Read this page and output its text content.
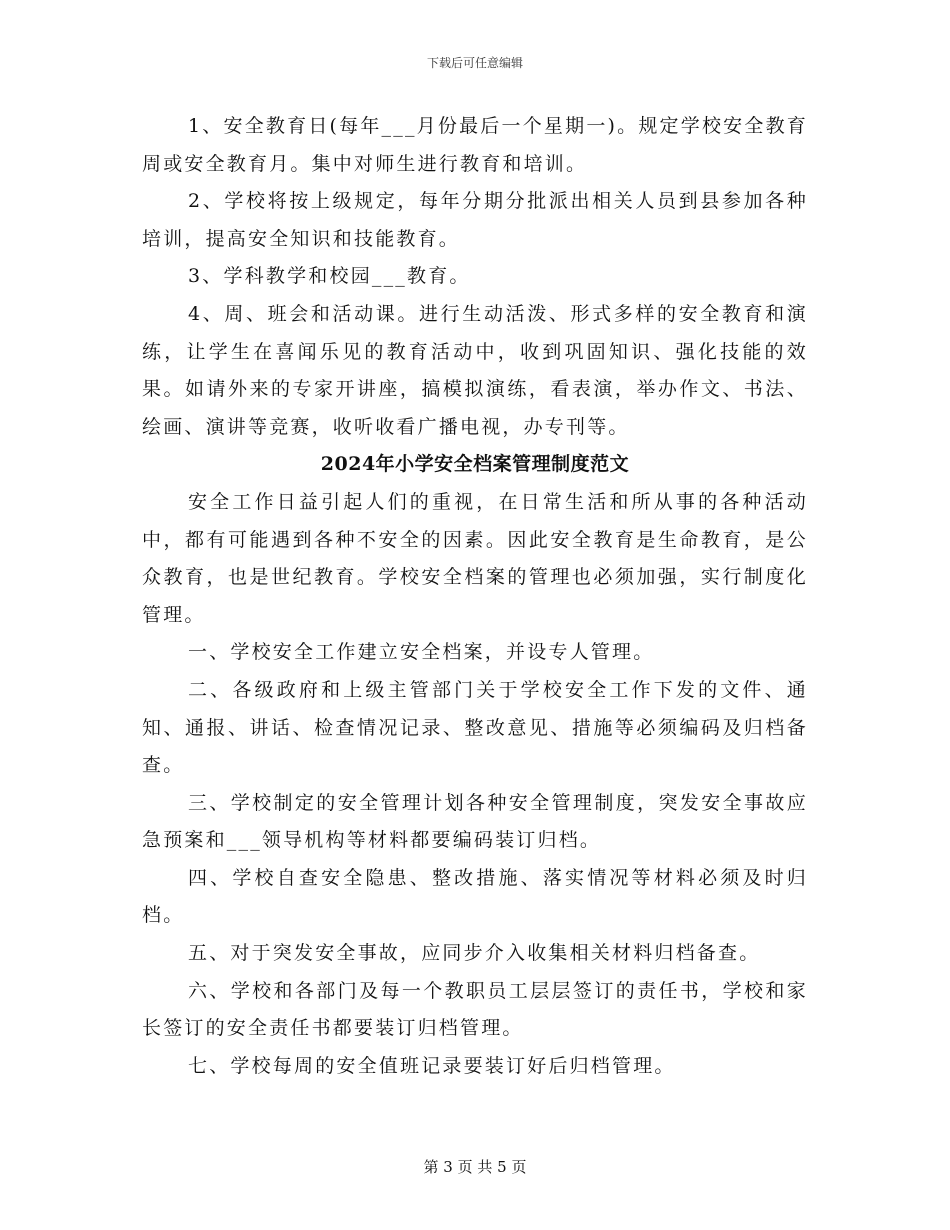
下载后可任意编辑

1、安全教育日(每年___月份最后一个星期一)。规定学校安全教育周或安全教育月。集中对师生进行教育和培训。

2、学校将按上级规定，每年分期分批派出相关人员到县参加各种培训，提高安全知识和技能教育。

3、学科教学和校园___教育。

4、周、班会和活动课。进行生动活泼、形式多样的安全教育和演练，让学生在喜闻乐见的教育活动中，收到巩固知识、强化技能的效果。如请外来的专家开讲座，搞模拟演练，看表演，举办作文、书法、绘画、演讲等竞赛，收听收看广播电视，办专刊等。

2024年小学安全档案管理制度范文

安全工作日益引起人们的重视，在日常生活和所从事的各种活动中，都有可能遇到各种不安全的因素。因此安全教育是生命教育，是公众教育，也是世纪教育。学校安全档案的管理也必须加强，实行制度化管理。

一、学校安全工作建立安全档案，并设专人管理。

二、各级政府和上级主管部门关于学校安全工作下发的文件、通知、通报、讲话、检查情况记录、整改意见、措施等必须编码及归档备查。

三、学校制定的安全管理计划各种安全管理制度，突发安全事故应急预案和___领导机构等材料都要编码装订归档。

四、学校自查安全隐患、整改措施、落实情况等材料必须及时归档。

五、对于突发安全事故，应同步介入收集相关材料归档备查。

六、学校和各部门及每一个教职员工层层签订的责任书，学校和家长签订的安全责任书都要装订归档管理。

七、学校每周的安全值班记录要装订好后归档管理。

第 3 页 共 5 页
